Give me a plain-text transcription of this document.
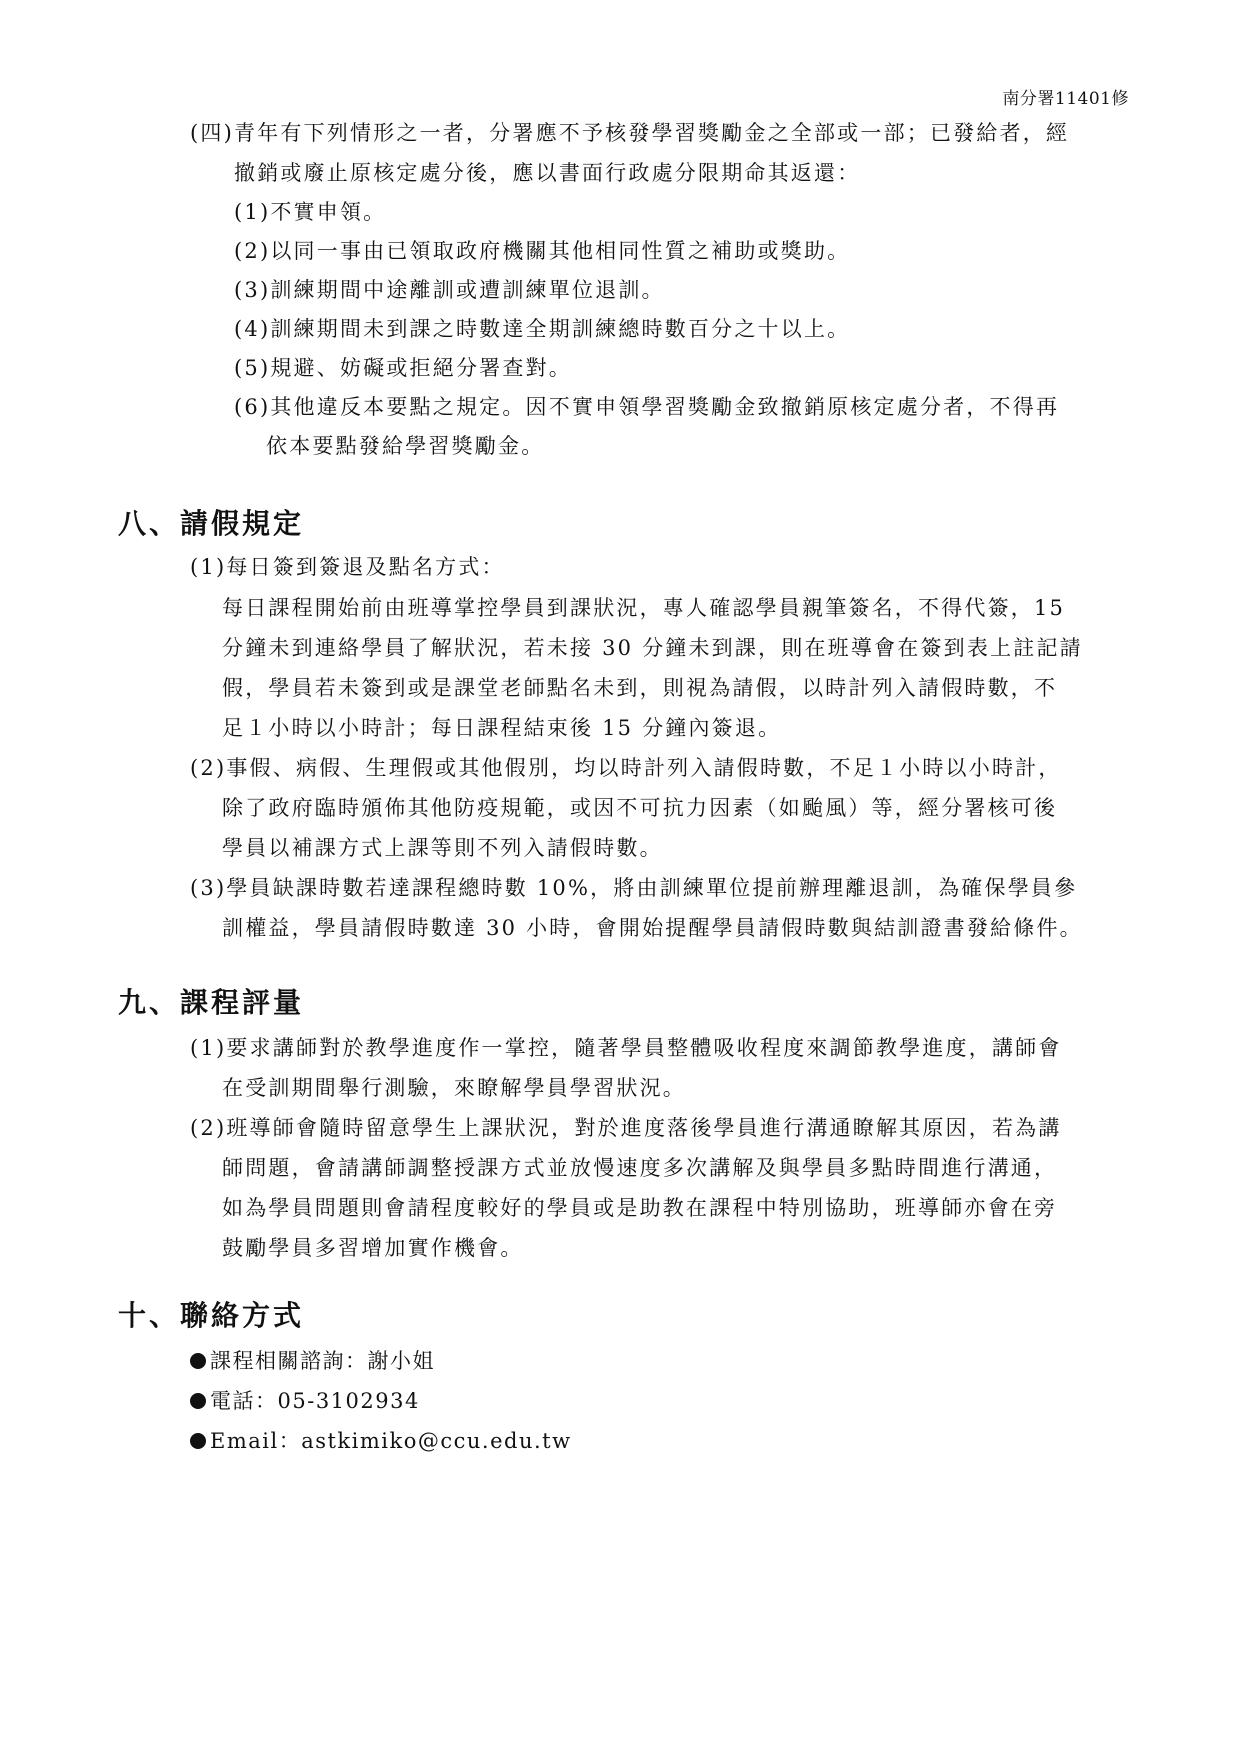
南分署11401修
(四)青年有下列情形之一者，分署應不予核發學習獎勵金之全部或一部；已發給者，經
撤銷或廢止原核定處分後，應以書面行政處分限期命其返還：
(1)不實申領。
(2)以同一事由已領取政府機關其他相同性質之補助或獎助。
(3)訓練期間中途離訓或遭訓練單位退訓。
(4)訓練期間未到課之時數達全期訓練總時數百分之十以上。
(5)規避、妨礙或拒絕分署查對。
(6)其他違反本要點之規定。因不實申領學習獎勵金致撤銷原核定處分者，不得再
依本要點發給學習獎勵金。
八、請假規定
(1)每日簽到簽退及點名方式：
每日課程開始前由班導掌控學員到課狀況，專人確認學員親筆簽名，不得代簽，15
分鐘未到連絡學員了解狀況，若未接 30 分鐘未到課，則在班導會在簽到表上註記請
假，學員若未簽到或是課堂老師點名未到，則視為請假，以時計列入請假時數，不
足１小時以小時計；每日課程結束後 15 分鐘內簽退。
(2)事假、病假、生理假或其他假別，均以時計列入請假時數，不足１小時以小時計，
除了政府臨時頒佈其他防疫規範，或因不可抗力因素（如颱風）等，經分署核可後
學員以補課方式上課等則不列入請假時數。
(3)學員缺課時數若達課程總時數 10%，將由訓練單位提前辦理離退訓，為確保學員參
訓權益，學員請假時數達 30 小時，會開始提醒學員請假時數與結訓證書發給條件。
九、課程評量
(1)要求講師對於教學進度作一掌控，隨著學員整體吸收程度來調節教學進度，講師會
在受訓期間舉行測驗，來瞭解學員學習狀況。
(2)班導師會隨時留意學生上課狀況，對於進度落後學員進行溝通瞭解其原因，若為講
師問題，會請講師調整授課方式並放慢速度多次講解及與學員多點時間進行溝通，
如為學員問題則會請程度較好的學員或是助教在課程中特別協助，班導師亦會在旁
鼓勵學員多習增加實作機會。
十、聯絡方式
課程相關諮詢：謝小姐
電話：05-3102934
Email：astkimiko@ccu.edu.tw
